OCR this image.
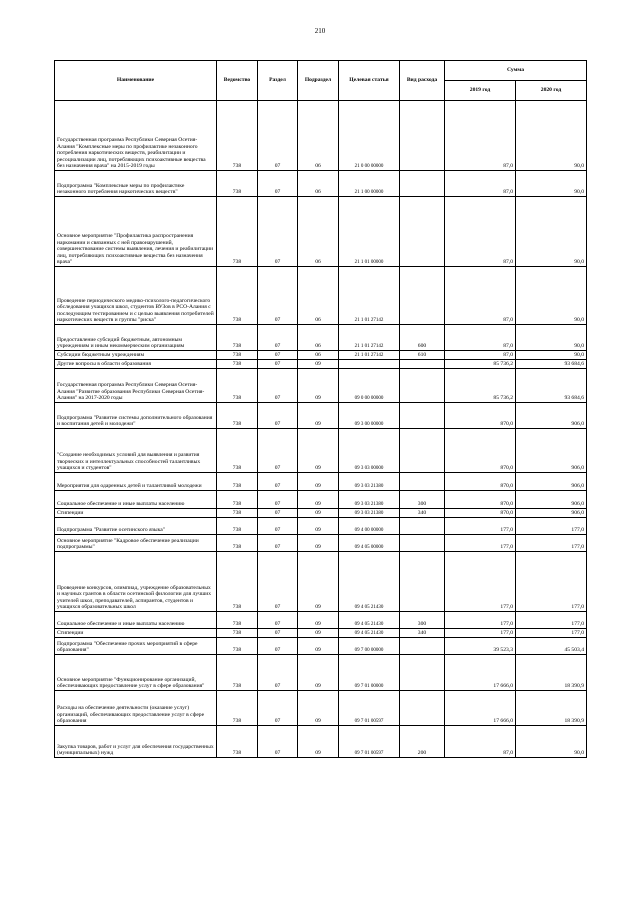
210
Наименование	Ведомство	Раздел	Подраздел	Целевая статья	Вид расхода	Сумма	
						2019 год	2020 год
Государственная программа Республики Северная Осетия-Алания "Комплексные меры по профилактике незаконного потребления наркотических веществ, реабилитации и ресоциализации лиц, потребляющих психоактивные вещества без назначения врача" на 2015-2019 годы	738	07	06	21 0 00 00000		87,0	90,0
Подпрограмма "Комплексные меры по профилактике незаконного потребления наркотических веществ"	738	07	06	21 1 00 00000		87,0	90,0
Основное мероприятие "Профилактика распространения наркомании и связанных с ней правонарушений, совершенствование системы выявления, лечения и реабилитации лиц, потребляющих психоактивные вещества без назначения врача"	738	07	06	21 1 01 00000		87,0	90,0
Проведение периодического медико-психолого-педагогического обследования учащихся школ, студентов ВУЗов в РСО-Алания с последующим тестированием и с целью выявления потребителей наркотических веществ и группы "риска"	738	07	06	21 1 01 27142		87,0	90,0
Предоставление субсидий бюджетным, автономным учреждениям и иным некоммерческим организациям	738	07	06	21 1 01 27142	600	87,0	90,0
Субсидии бюджетным учреждениям	738	07	06	21 1 01 27142	610	87,0	90,0
Другие вопросы в области образования	738	07	09			85 736,2	93 684,6
Государственная программа Республики Северная Осетия-Алания "Развитие образования Республики Северная Осетия-Алания" на 2017-2020 годы	738	07	09	09 0 00 00000		85 736,2	93 684,6
Подпрограмма "Развитие системы дополнительного образования и воспитания детей и молодежи"	738	07	09	09 3 00 00000		870,0	906,0
"Создание необходимых условий для выявления и развития творческих и интеллектуальных способностей талантливых учащихся и студентов"	738	07	09	09 3 03 00000		870,0	906,0
Мероприятия для одаренных детей и талантливой молодежи	738	07	09	09 3 03 21380		870,0	906,0
Социальное обеспечение и иные выплаты населению	738	07	09	09 3 03 21380	300	870,0	906,0
Стипендии	738	07	09	09 3 03 21380	340	870,0	906,0
Подпрограмма "Развитие осетинского языка"	738	07	09	09 4 00 00000		177,0	177,0
Основное мероприятие "Кадровое обеспечение реализации подпрограммы"	738	07	09	09 4 05 00000		177,0	177,0
Проведение конкурсов, олимпиад, учреждение образовательных и научных грантов в области осетинской филологии для лучших учителей школ, преподавателей, аспирантов, студентов и учащихся образовательных школ	738	07	09	09 4 05 21430		177,0	177,0
Социальное обеспечение и иные выплаты населению	738	07	09	09 4 05 21430	300	177,0	177,0
Стипендии	738	07	09	09 4 05 21430	340	177,0	177,0
Подпрограмма "Обеспечение прочих мероприятий в сфере образования"	738	07	09	09 7 00 00000		39 523,3	45 503,4
Основное мероприятие "Функционирование организаций, обеспечивающих предоставление услуг в сфере образования"	738	07	09	09 7 01 00000		17 666,0	18 390,9
Расходы на обеспечение деятельности (оказание услуг) организаций, обеспечивающих предоставление услуг в сфере образования	738	07	09	09 7 01 00597		17 666,0	18 390,9
Закупка товаров, работ и услуг для обеспечения государственных (муниципальных) нужд	738	07	09	09 7 01 00597	200	87,0	90,0
